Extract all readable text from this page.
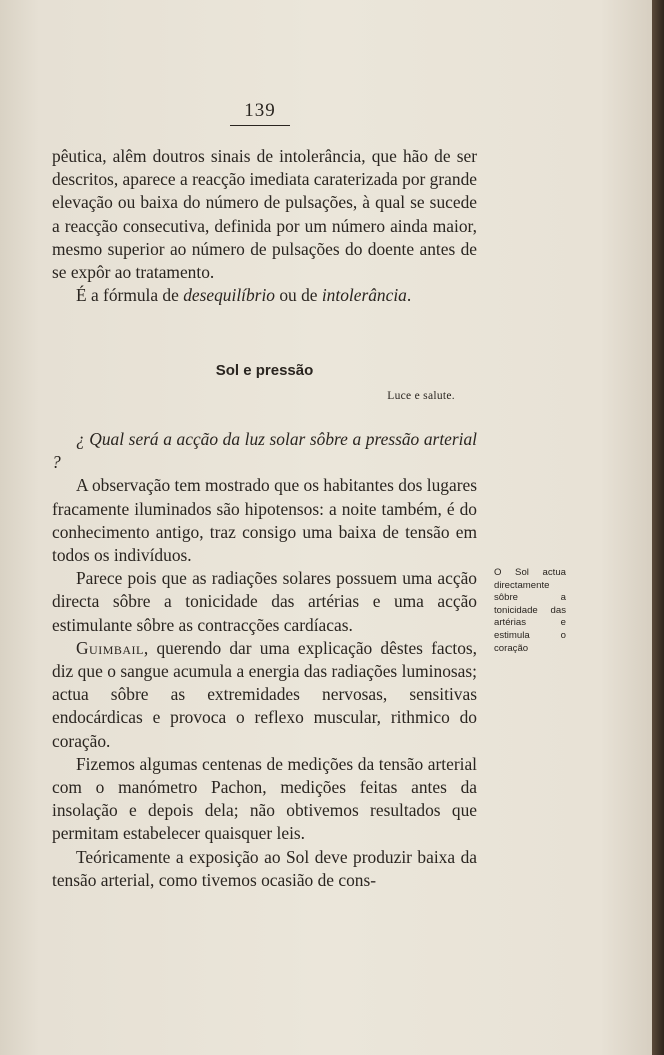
139

pêutica, alêm doutros sinais de intolerância, que hão de ser descritos, aparece a reacção imediata caraterizada por grande elevação ou baixa do número de pulsações, à qual se sucede a reacção consecutiva, definida por um número ainda maior, mesmo superior ao número de pulsações do doente antes de se expôr ao tratamento.

É a fórmula de desequilíbrio ou de intolerância.

Sol e pressão
Luce e salute.

¿ Qual será a acção da luz solar sôbre a pressão arterial ?

A observação tem mostrado que os habitantes dos lugares fracamente iluminados são hipotensos: a noite também, é do conhecimento antigo, traz consigo uma baixa de tensão em todos os indivíduos.

Parece pois que as radiações solares possuem uma acção directa sôbre a tonicidade das artérias e uma acção estimulante sôbre as contracções cardíacas.

Guimbail, querendo dar uma explicação dêstes factos, diz que o sangue acumula a energia das radiações luminosas; actua sôbre as extremidades nervosas, sensitivas endocárdicas e provoca o reflexo muscular, rithmico do coração.

Fizemos algumas centenas de medições da tensão arterial com o manómetro Pachon, medições feitas antes da insolação e depois dela; não obtivemos resultados que permitam estabelecer quaisquer leis.

Teóricamente a exposição ao Sol deve produzir baixa da tensão arterial, como tivemos ocasião de cons-

O Sol actua directamente sôbre a tonicidade das artérias e estimula o coração
